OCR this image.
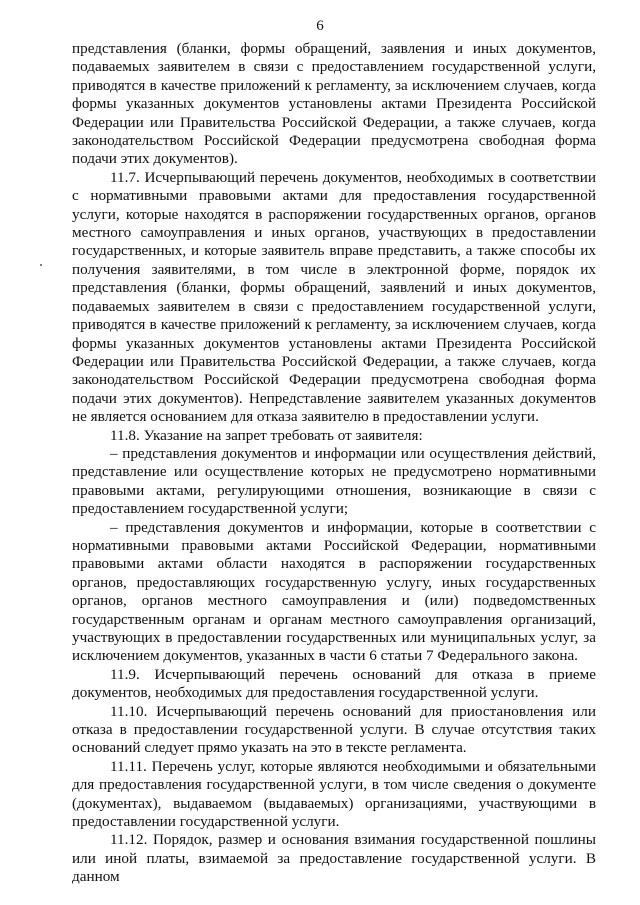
6

представления (бланки, формы обращений, заявления и иных документов, подаваемых заявителем в связи с предоставлением государственной услуги, приводятся в качестве приложений к регламенту, за исключением случаев, когда формы указанных документов установлены актами Президента Российской Федерации или Правительства Российской Федерации, а также случаев, когда законодательством Российской Федерации предусмотрена свободная форма подачи этих документов).

11.7. Исчерпывающий перечень документов, необходимых в соответствии с нормативными правовыми актами для предоставления государственной услуги, которые находятся в распоряжении государственных органов, органов местного самоуправления и иных органов, участвующих в предоставлении государственных, и которые заявитель вправе представить, а также способы их получения заявителями, в том числе в электронной форме, порядок их представления (бланки, формы обращений, заявлений и иных документов, подаваемых заявителем в связи с предоставлением государственной услуги, приводятся в качестве приложений к регламенту, за исключением случаев, когда формы указанных документов установлены актами Президента Российской Федерации или Правительства Российской Федерации, а также случаев, когда законодательством Российской Федерации предусмотрена свободная форма подачи этих документов). Непредставление заявителем указанных документов не является основанием для отказа заявителю в предоставлении услуги.

11.8. Указание на запрет требовать от заявителя:

– представления документов и информации или осуществления действий, представление или осуществление которых не предусмотрено нормативными правовыми актами, регулирующими отношения, возникающие в связи с предоставлением государственной услуги;

– представления документов и информации, которые в соответствии с нормативными правовыми актами Российской Федерации, нормативными правовыми актами области находятся в распоряжении государственных органов, предоставляющих государственную услугу, иных государственных органов, органов местного самоуправления и (или) подведомственных государственным органам и органам местного самоуправления организаций, участвующих в предоставлении государственных или муниципальных услуг, за исключением документов, указанных в части 6 статьи 7 Федерального закона.

11.9. Исчерпывающий перечень оснований для отказа в приеме документов, необходимых для предоставления государственной услуги.

11.10. Исчерпывающий перечень оснований для приостановления или отказа в предоставлении государственной услуги. В случае отсутствия таких оснований следует прямо указать на это в тексте регламента.

11.11. Перечень услуг, которые являются необходимыми и обязательными для предоставления государственной услуги, в том числе сведения о документе (документах), выдаваемом (выдаваемых) организациями, участвующими в предоставлении государственной услуги.

11.12. Порядок, размер и основания взимания государственной пошлины или иной платы, взимаемой за предоставление государственной услуги. В данном
